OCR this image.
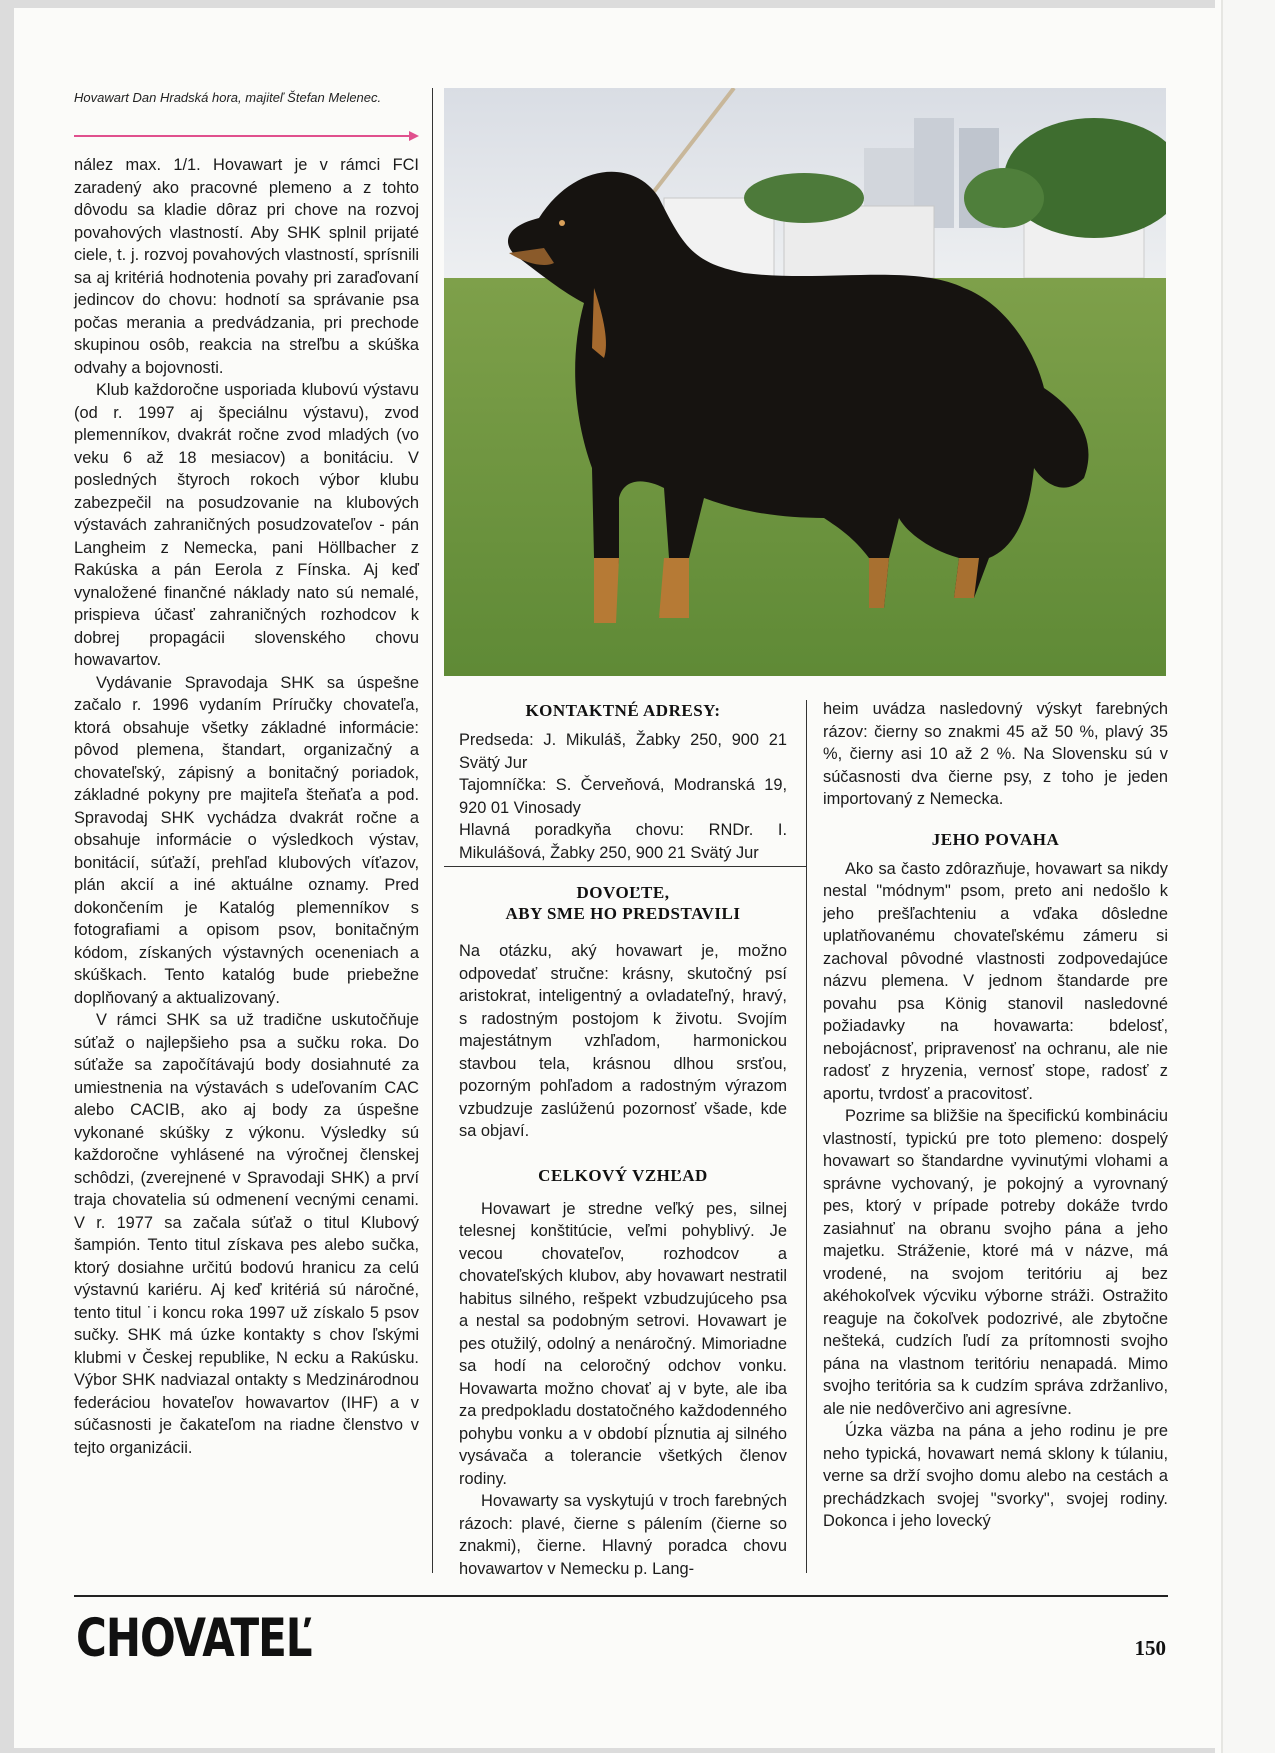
Hovawart Dan Hradská hora, majiteľ Štefan Melenec.

nález max. 1/1. Hovawart je v rámci FCI zaradený ako pracovné plemeno a z tohto dôvodu sa kladie dôraz pri chove na rozvoj povahových vlastností. Aby SHK splnil prijaté ciele, t. j. rozvoj povahových vlastností, sprísnili sa aj kritériá hodnotenia povahy pri zaraďovaní jedincov do chovu: hodnotí sa správanie psa počas merania a predvádzania, pri prechode skupinou osôb, reakcia na streľbu a skúška odvahy a bojovnosti.

Klub každoročne usporiada klubovú výstavu (od r. 1997 aj špeciálnu výstavu), zvod plemenníkov, dvakrát ročne zvod mladých (vo veku 6 až 18 mesiacov) a bonitáciu. V posledných štyroch rokoch výbor klubu zabezpečil na posudzovanie na klubových výstavách zahraničných posudzovateľov - pán Langheim z Nemecka, pani Höllbacher z Rakúska a pán Eerola z Fínska. Aj keď vynaložené finančné náklady nato sú nemalé, prispieva účasť zahraničných rozhodcov k dobrej propagácii slovenského chovu howavartov.

Vydávanie Spravodaja SHK sa úspešne začalo r. 1996 vydaním Príručky chovateľa, ktorá obsahuje všetky základné informácie: pôvod plemena, štandart, organizačný a chovateľský, zápisný a bonitačný poriadok, základné pokyny pre majiteľa šteňaťa a pod. Spravodaj SHK vychádza dvakrát ročne a obsahuje informácie o výsledkoch výstav, bonitácií, súťaží, prehľad klubových víťazov, plán akcií a iné aktuálne oznamy. Pred dokončením je Katalóg plemenníkov s fotografiami a opisom psov, bonitačným kódom, získaných výstavných oceneniach a skúškach. Tento katalóg bude priebežne doplňovaný a aktualizovaný.

V rámci SHK sa už tradične uskutočňuje súťaž o najlepšieho psa a sučku roka. Do súťaže sa započítávajú body dosiahnuté za umiestnenia na výstavách s udeľovaním CAC alebo CACIB, ako aj body za úspešne vykonané skúšky z výkonu. Výsledky sú každoročne vyhlásené na výročnej členskej schôdzi, (zverejnené v Spravodaji SHK) a prví traja chovatelia sú odmenení vecnými cenami. V r. 1977 sa začala súťaž o titul Klubový šampión. Tento titul získava pes alebo sučka, ktorý dosiahne určitú bodovú hranicu za celú výstavnú kariéru. Aj keď kritériá sú náročné, tento titul ˙i koncu roka 1997 už získalo 5 psov sučky. SHK má úzke kontakty s chov ľskými klubmi v Českej republike, N ecku a Rakúsku. Výbor SHK nadviazal ontakty s Medzinárodnou federáciou hovateľov howavartov (IHF) a v súčasnosti je čakateľom na riadne členstvo v tejto organizácii.

KONTAKTNÉ ADRESY:

Predseda: J. Mikuláš, Žabky 250, 900 21 Svätý Jur

Tajomníčka: S. Červeňová, Modranská 19, 920 01 Vinosady

Hlavná poradkyňa chovu: RNDr. I. Mikulášová, Žabky 250, 900 21 Svätý Jur

DOVOĽTE,
ABY SME HO PREDSTAVILI

Na otázku, aký hovawart je, možno odpovedať stručne: krásny, skutočný psí aristokrat, inteligentný a ovladateľný, hravý, s radostným postojom k životu. Svojím majestátnym vzhľadom, harmonickou stavbou tela, krásnou dlhou srsťou, pozorným pohľadom a radostným výrazom vzbudzuje zaslúženú pozornosť všade, kde sa objaví.

CELKOVÝ VZHĽAD

Hovawart je stredne veľký pes, silnej telesnej konštitúcie, veľmi pohyblivý. Je vecou chovateľov, rozhodcov a chovateľských klubov, aby hovawart nestratil habitus silného, rešpekt vzbudzujúceho psa a nestal sa podobným setrovi. Hovawart je pes otužilý, odolný a nenáročný. Mimoriadne sa hodí na celoročný odchov vonku. Hovawarta možno chovať aj v byte, ale iba za predpokladu dostatočného každodenného pohybu vonku a v období pĺznutia aj silného vysávača a tolerancie všetkých členov rodiny.

Hovawarty sa vyskytujú v troch farebných rázoch: plavé, čierne s pálením (čierne so znakmi), čierne. Hlavný poradca chovu hovawartov v Nemecku p. Lang-

heim uvádza nasledovný výskyt farebných rázov: čierny so znakmi 45 až 50 %, plavý 35 %, čierny asi 10 až 2 %. Na Slovensku sú v súčasnosti dva čierne psy, z toho je jeden importovaný z Nemecka.

JEHO POVAHA

Ako sa často zdôrazňuje, hovawart sa nikdy nestal "módnym" psom, preto ani nedošlo k jeho prešľachteniu a vďaka dôsledne uplatňovanému chovateľskému zámeru si zachoval pôvodné vlastnosti zodpovedajúce názvu plemena. V jednom štandarde pre povahu psa König stanovil nasledovné požiadavky na hovawarta: bdelosť, nebojácnosť, pripravenosť na ochranu, ale nie radosť z hryzenia, vernosť stope, radosť z aportu, tvrdosť a pracovitosť.

Pozrime sa bližšie na špecifickú kombináciu vlastností, typickú pre toto plemeno: dospelý hovawart so štandardne vyvinutými vlohami a správne vychovaný, je pokojný a vyrovnaný pes, ktorý v prípade potreby dokáže tvrdo zasiahnuť na obranu svojho pána a jeho majetku. Stráženie, ktoré má v názve, má vrodené, na svojom teritóriu aj bez akéhokoľvek výcviku výborne stráži. Ostražito reaguje na čokoľvek podozrivé, ale zbytočne nešteká, cudzích ľudí za prítomnosti svojho pána na vlastnom teritóriu nenapadá. Mimo svojho teritória sa k cudzím správa zdržanlivo, ale nie nedôverčivo ani agresívne.

Úzka väzba na pána a jeho rodinu je pre neho typická, hovawart nemá sklony k túlaniu, verne sa drží svojho domu alebo na cestách a prechádzkach svojej "svorky", svojej rodiny. Dokonca i jeho lovecký

CHOVATEĽ	150
